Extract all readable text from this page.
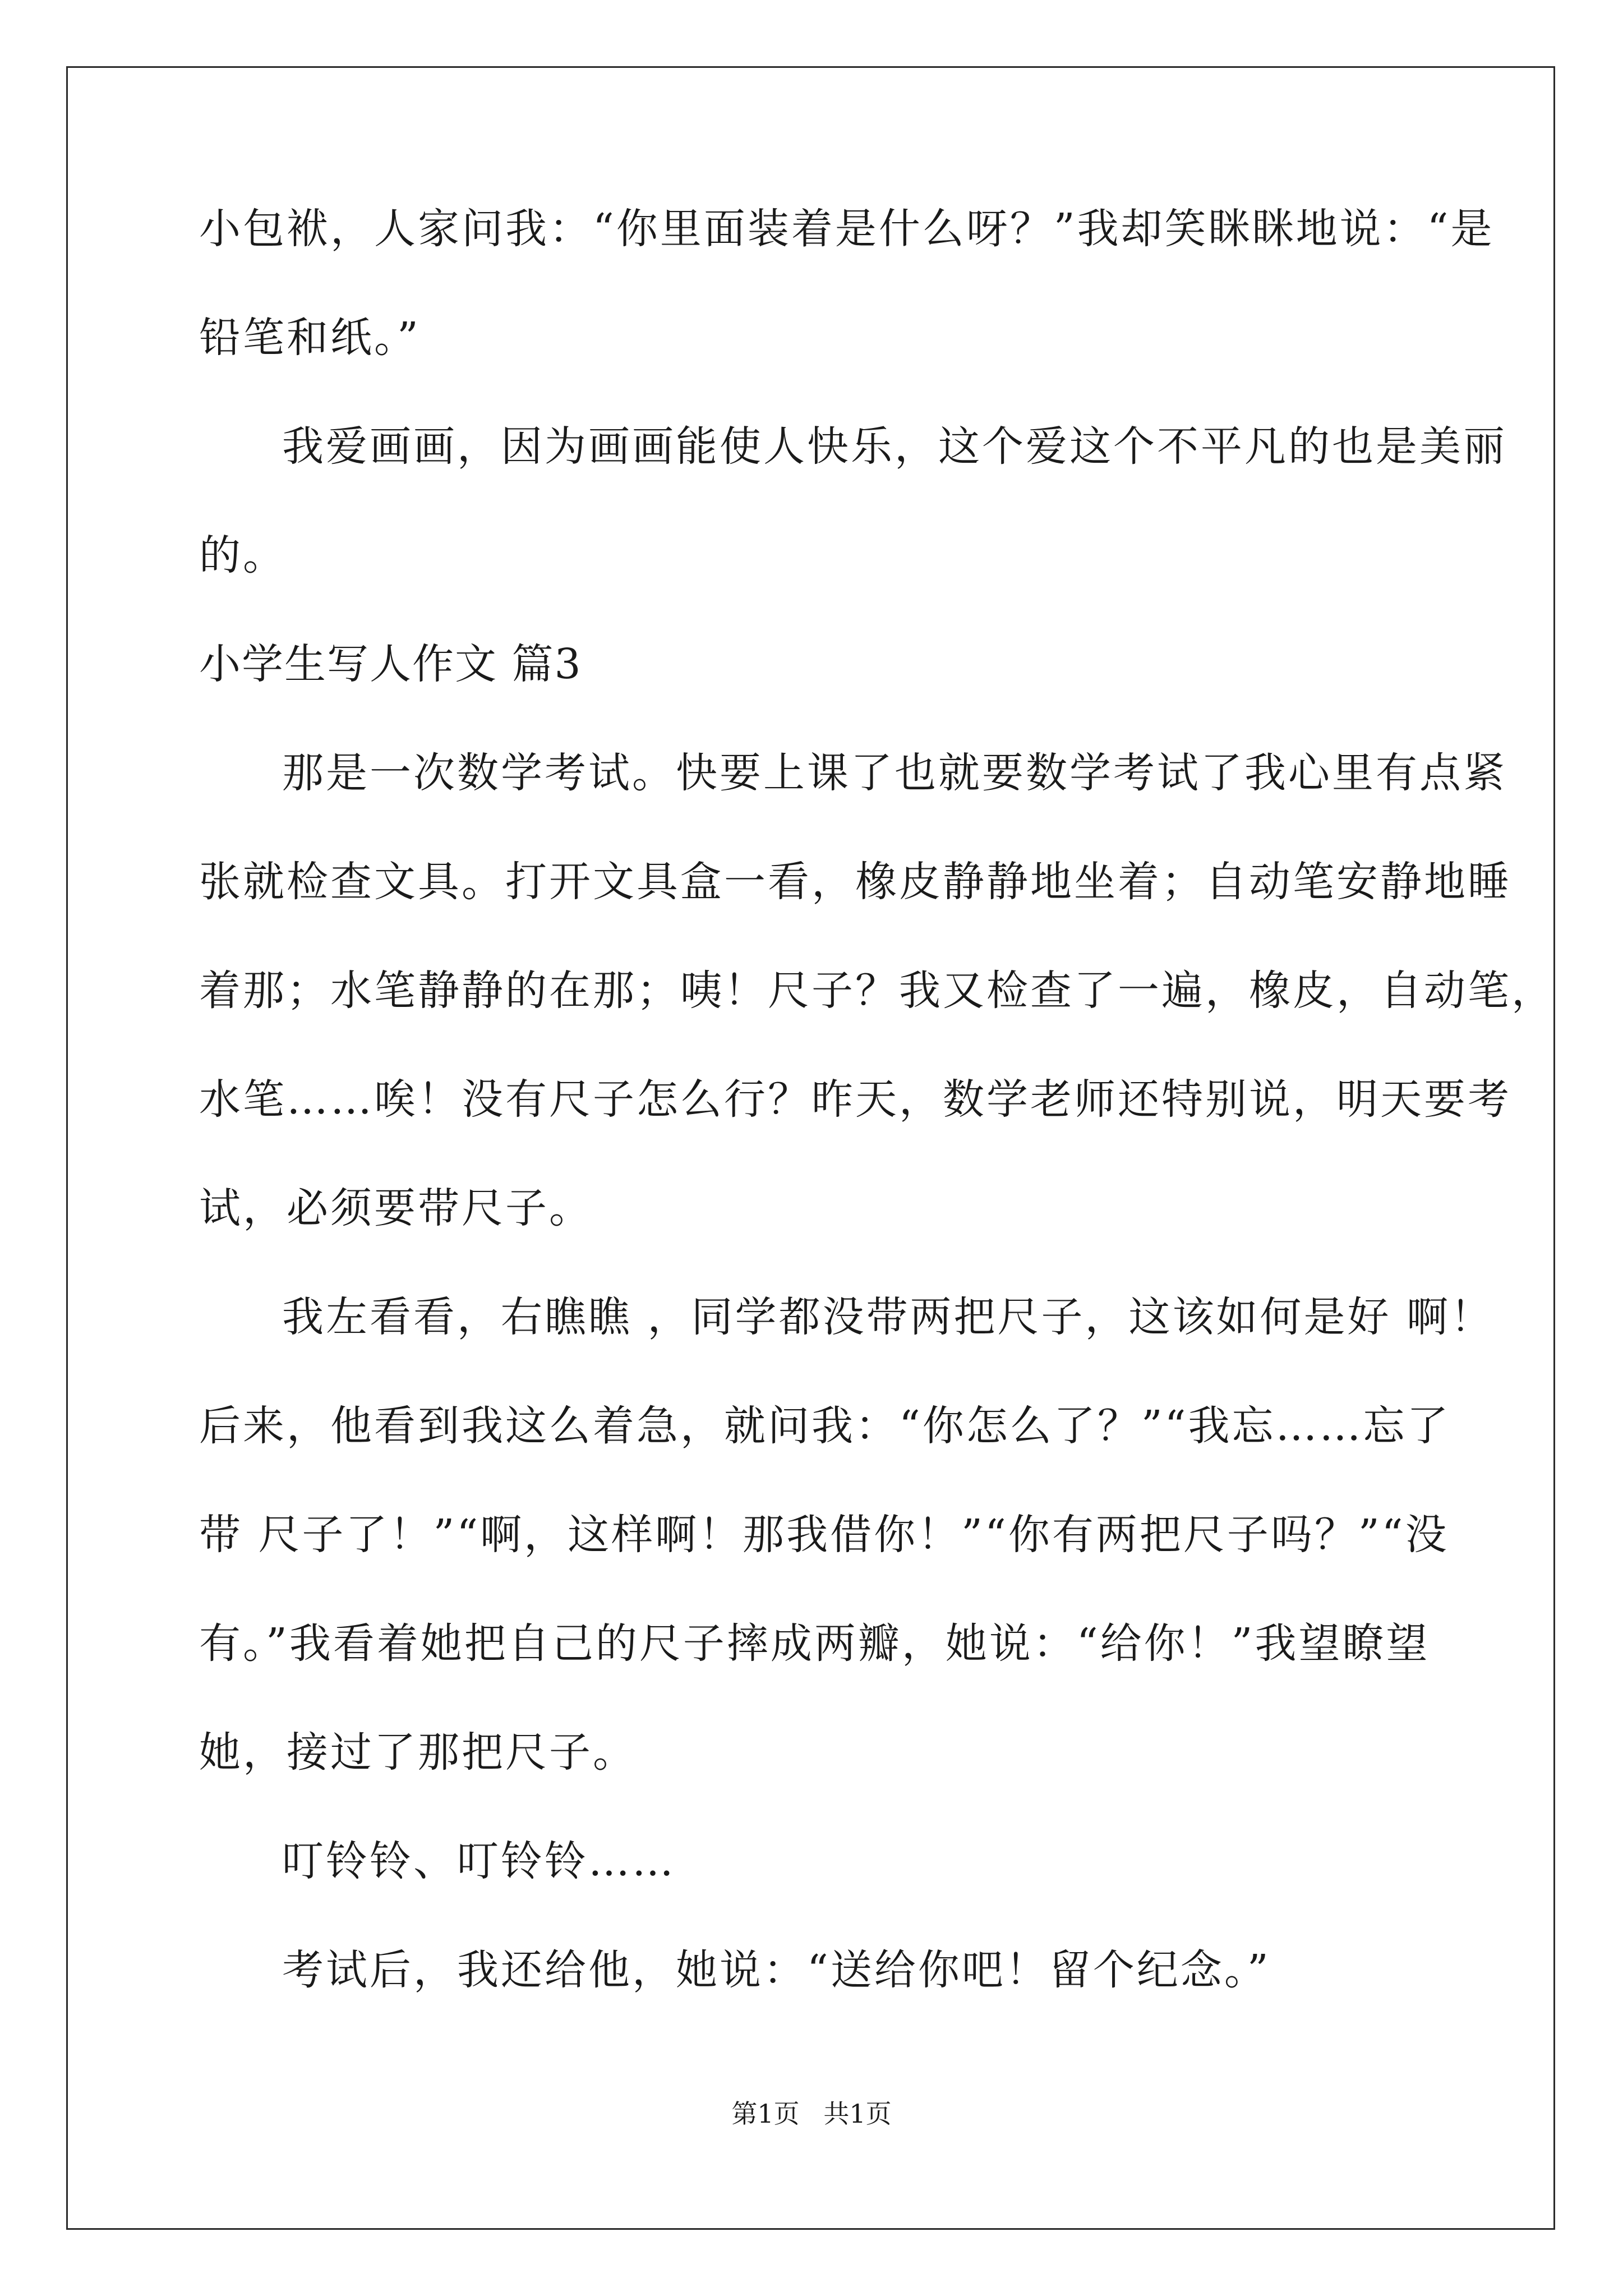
小包袱，人家问我：“你里面装着是什么呀？”我却笑眯眯地说：“是
铅笔和纸。”
我爱画画，因为画画能使人快乐，这个爱这个不平凡的也是美丽
的。
小学生写人作文 篇3
那是一次数学考试。快要上课了也就要数学考试了我心里有点紧
张就检查文具。打开文具盒一看，橡皮静静地坐着；自动笔安静地睡
着那；水笔静静的在那；咦！尺子？我又检查了一遍，橡皮，自动笔，
水笔……唉！没有尺子怎么行？昨天，数学老师还特别说，明天要考
试，必须要带尺子。
我左看看，右瞧瞧 ，同学都没带两把尺子，这该如何是好 啊！
后来，他看到我这么着急，就问我：“你怎么了？”“我忘……忘了
带 尺子了！”“啊，这样啊！那我借你！”“你有两把尺子吗？”“没
有。”我看着她把自己的尺子摔成两瓣，她说：“给你！”我望瞭望
她，接过了那把尺子。
叮铃铃、叮铃铃……
考试后，我还给他，她说：“送给你吧！留个纪念。”
第1页 共1页
